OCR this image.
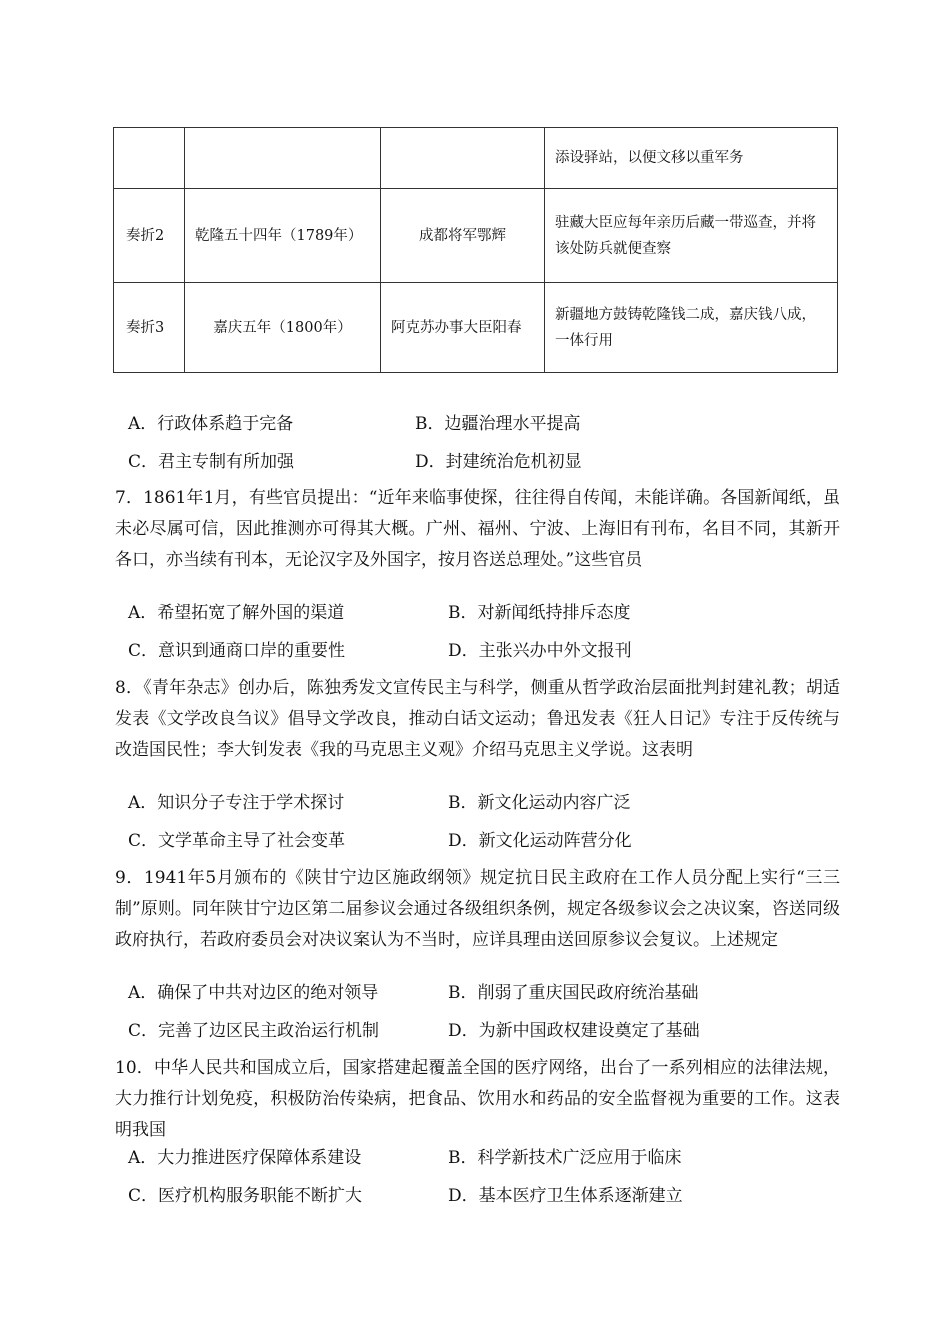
			添设驿站，以便文移以重军务
奏折2	乾隆五十四年（1789年）	成都将军鄂辉	驻藏大臣应每年亲历后藏一带巡查，并将该处防兵就便查察
奏折3	嘉庆五年（1800年）	阿克苏办事大臣阳春	新疆地方鼓铸乾隆钱二成，嘉庆钱八成，一体行用
A．行政体系趋于完备	B．边疆治理水平提高
C．君主专制有所加强	D．封建统治危机初显
7．1861年1月，有些官员提出：“近年来临事使探，往往得自传闻，未能详确。各国新闻纸，虽未必尽属可信，因此推测亦可得其大概。广州、福州、宁波、上海旧有刊布，名目不同，其新开各口，亦当续有刊本，无论汉字及外国字，按月咨送总理处。”这些官员
A．希望拓宽了解外国的渠道	B．对新闻纸持排斥态度
C．意识到通商口岸的重要性	D．主张兴办中外文报刊
8．《青年杂志》创办后，陈独秀发文宣传民主与科学，侧重从哲学政治层面批判封建礼教；胡适发表《文学改良刍议》倡导文学改良，推动白话文运动；鲁迅发表《狂人日记》专注于反传统与改造国民性；李大钊发表《我的马克思主义观》介绍马克思主义学说。这表明
A．知识分子专注于学术探讨	B．新文化运动内容广泛
C．文学革命主导了社会变革	D．新文化运动阵营分化
9．1941年5月颁布的《陕甘宁边区施政纲领》规定抗日民主政府在工作人员分配上实行“三三制”原则。同年陕甘宁边区第二届参议会通过各级组织条例，规定各级参议会之决议案，咨送同级政府执行，若政府委员会对决议案认为不当时，应详具理由送回原参议会复议。上述规定
A．确保了中共对边区的绝对领导	B．削弱了重庆国民政府统治基础
C．完善了边区民主政治运行机制	D．为新中国政权建设奠定了基础
10．中华人民共和国成立后，国家搭建起覆盖全国的医疗网络，出台了一系列相应的法律法规，大力推行计划免疫，积极防治传染病，把食品、饮用水和药品的安全监督视为重要的工作。这表明我国
A．大力推进医疗保障体系建设	B．科学新技术广泛应用于临床
C．医疗机构服务职能不断扩大	D．基本医疗卫生体系逐渐建立
